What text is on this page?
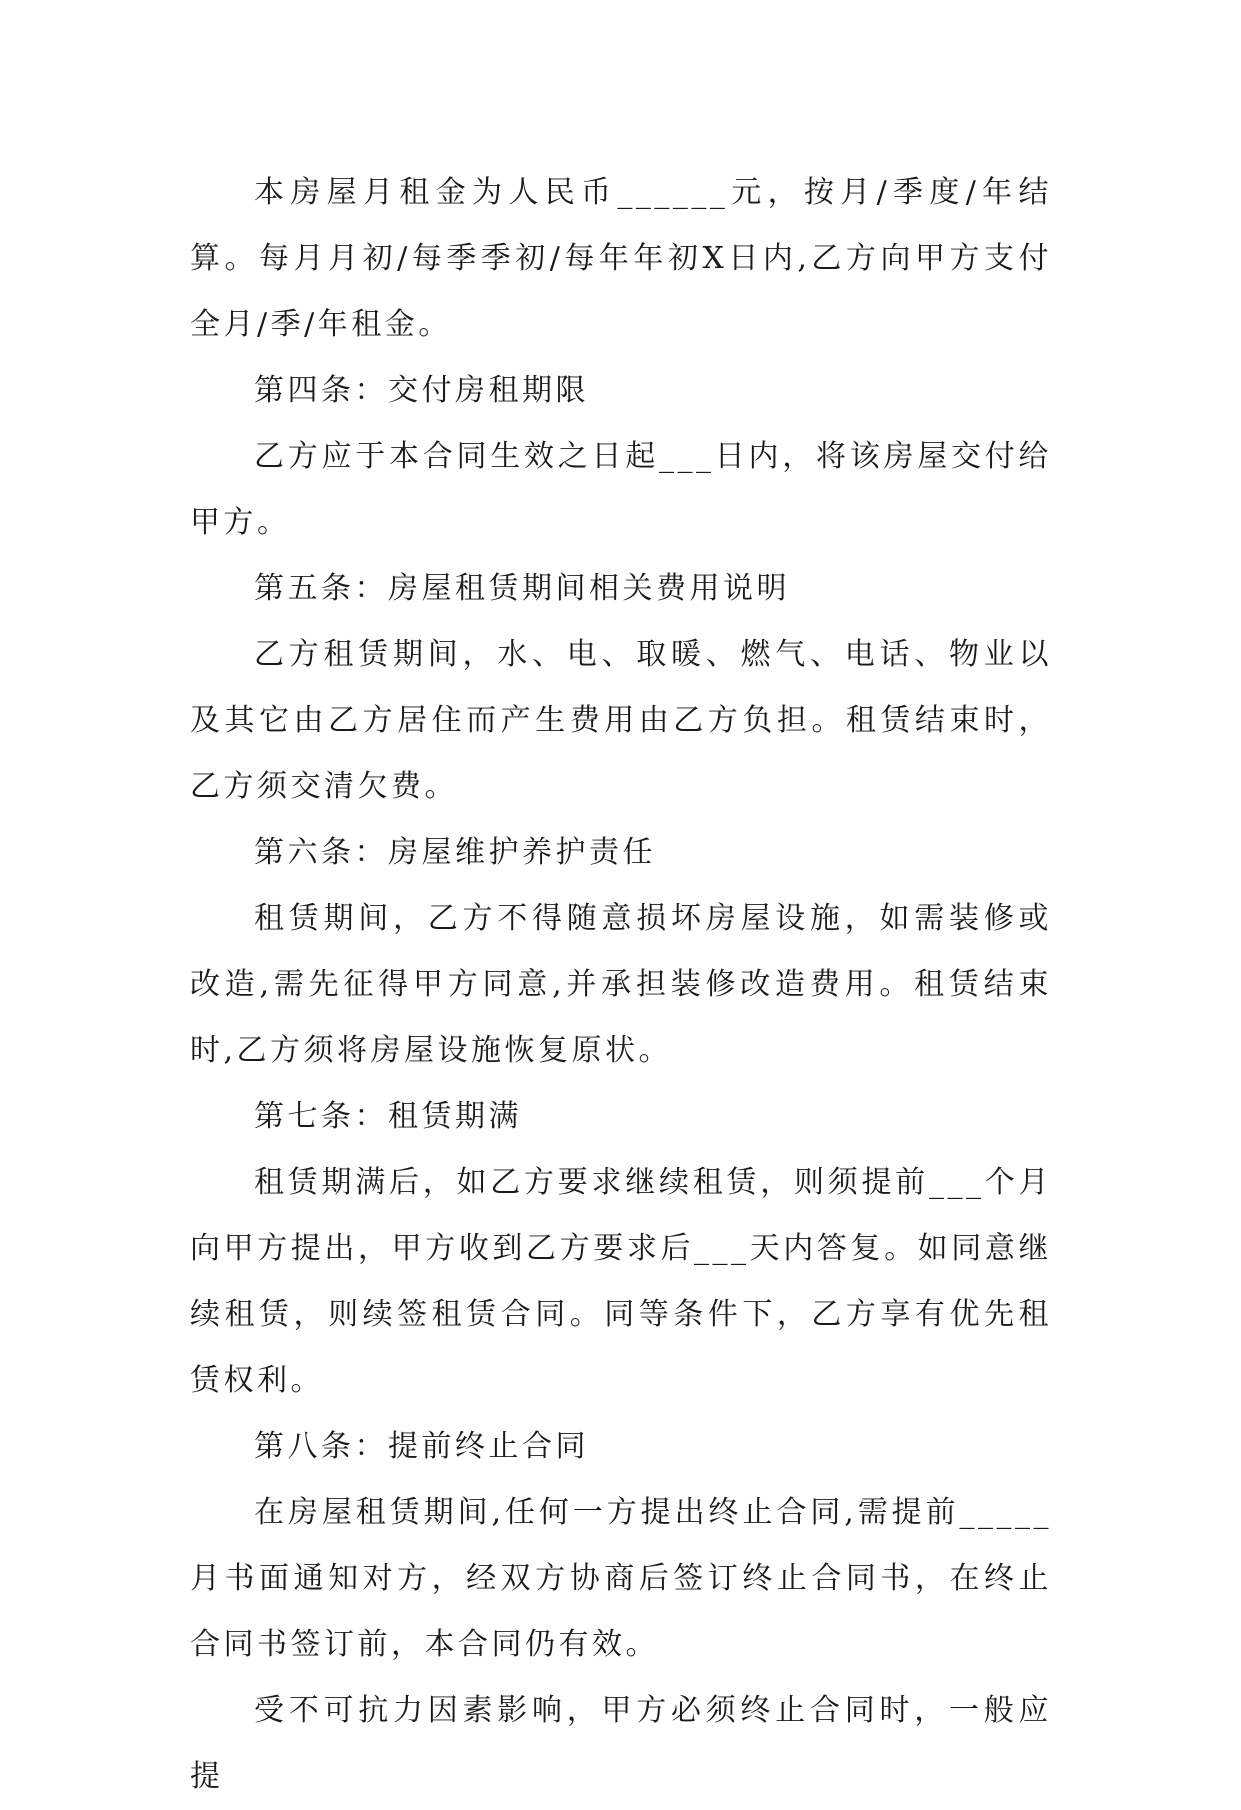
本房屋月租金为人民币______元，按月/季度/年结算。每月月初/每季季初/每年年初X日内,乙方向甲方支付全月/季/年租金。

第四条：交付房租期限

乙方应于本合同生效之日起___日内，将该房屋交付给甲方。

第五条：房屋租赁期间相关费用说明

乙方租赁期间，水、电、取暖、燃气、电话、物业以及其它由乙方居住而产生费用由乙方负担。租赁结束时，乙方须交清欠费。

第六条：房屋维护养护责任

租赁期间，乙方不得随意损坏房屋设施，如需装修或改造,需先征得甲方同意,并承担装修改造费用。租赁结束时,乙方须将房屋设施恢复原状。

第七条：租赁期满

租赁期满后，如乙方要求继续租赁，则须提前___个月向甲方提出，甲方收到乙方要求后___天内答复。如同意继续租赁，则续签租赁合同。同等条件下，乙方享有优先租赁权利。

第八条：提前终止合同

在房屋租赁期间,任何一方提出终止合同,需提前_____月书面通知对方，经双方协商后签订终止合同书，在终止合同书签订前，本合同仍有效。

受不可抗力因素影响，甲方必须终止合同时，一般应提
